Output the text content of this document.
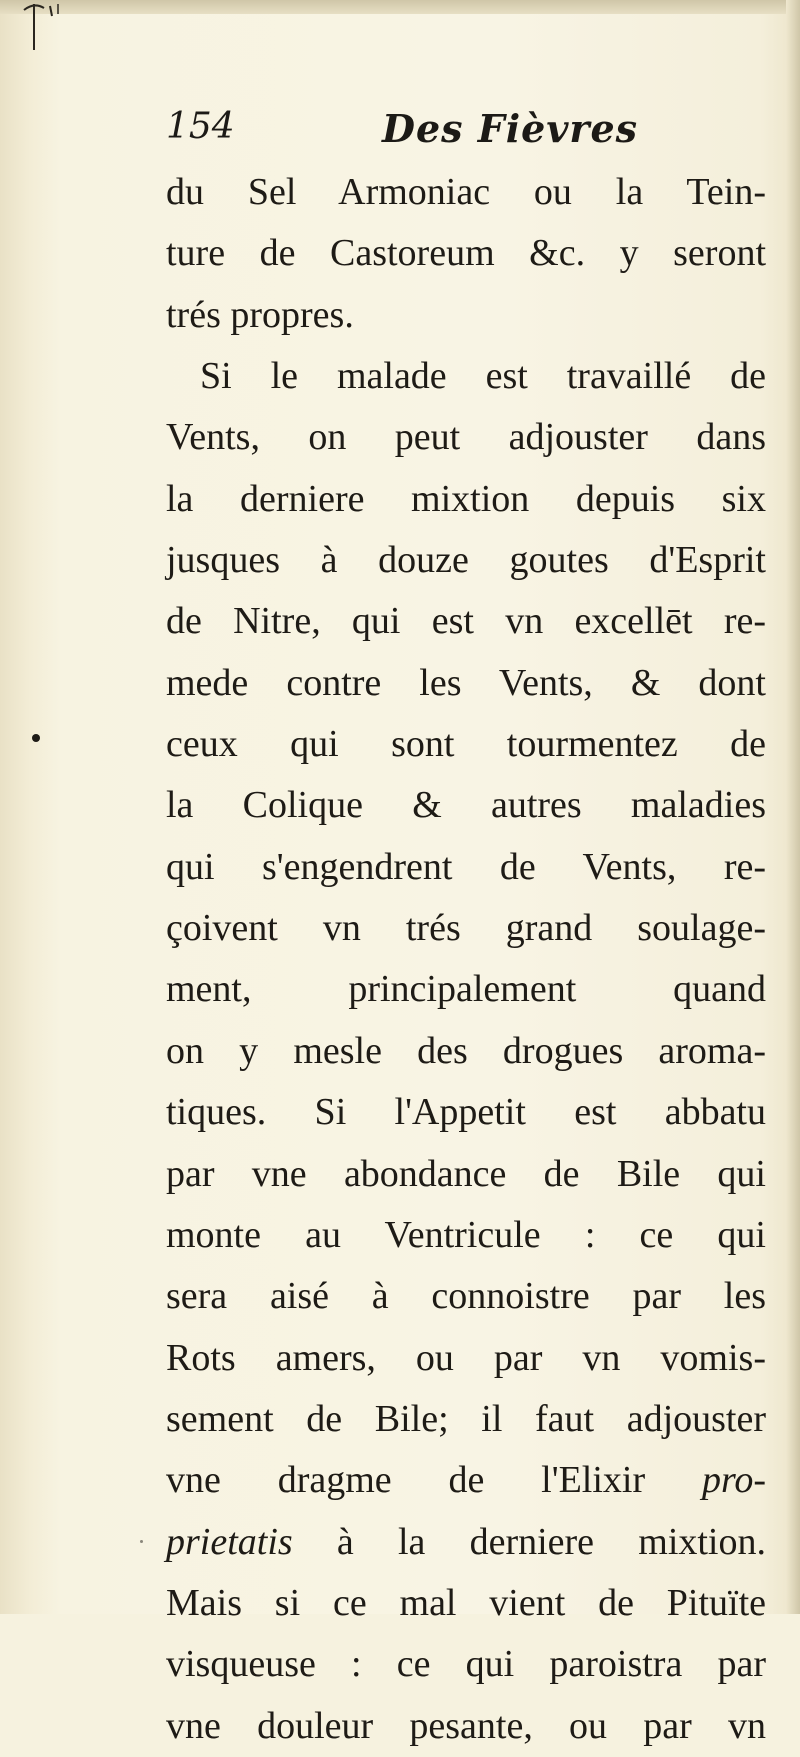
154	Des Fièvres
du Sel Armoniac ou la Tein-
ture de Castoreum &c. y seront
trés propres.
Si le malade est travaillé de
Vents, on peut adjouster dans
la derniere mixtion depuis six
jusques à douze goutes d'Esprit
de Nitre, qui est vn excellēt re-
mede contre les Vents, & dont
ceux qui sont tourmentez de
la Colique & autres maladies
qui s'engendrent de Vents, re-
çoivent vn trés grand soulage-
ment, principalement quand
on y mesle des drogues aroma-
tiques. Si l'Appetit est abbatu
par vne abondance de Bile qui
monte au Ventricule : ce qui
sera aisé à connoistre par les
Rots amers, ou par vn vomis-
sement de Bile; il faut adjouster
vne dragme de l'Elixir pro-
prietatis à la derniere mixtion.
Mais si ce mal vient de Pituïte
visqueuse : ce qui paroistra par
vne douleur pesante, ou par vn
